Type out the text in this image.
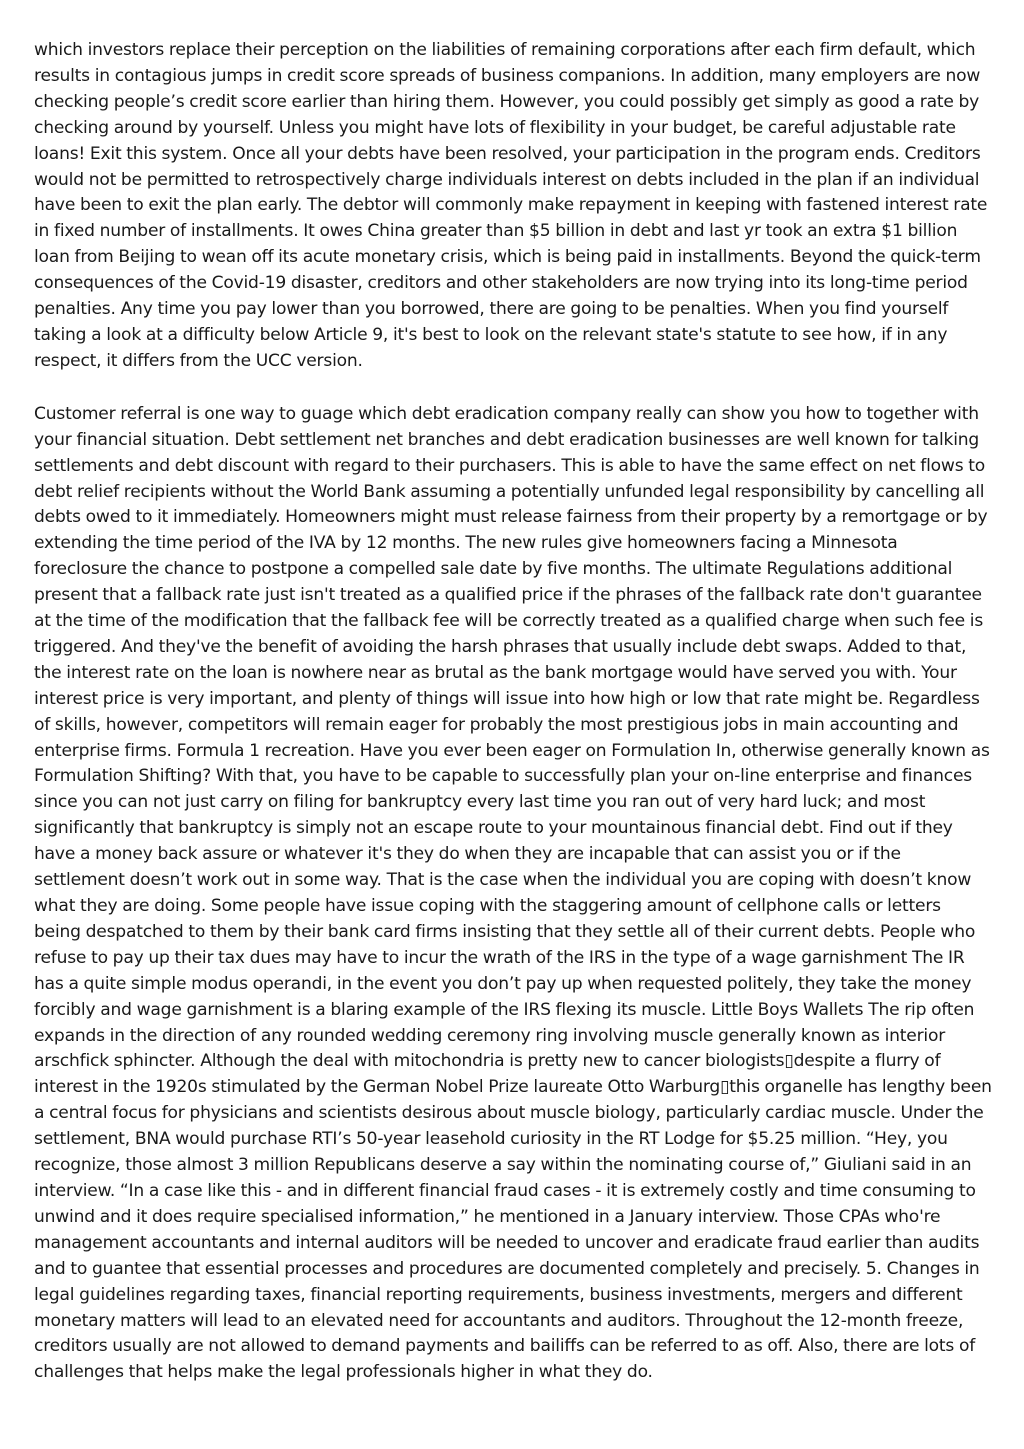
which investors replace their perception on the liabilities of remaining corporations after each firm default, which results in contagious jumps in credit score spreads of business companions. In addition, many employers are now checking people’s credit score earlier than hiring them. However, you could possibly get simply as good a rate by checking around by yourself. Unless you might have lots of flexibility in your budget, be careful adjustable rate loans! Exit this system. Once all your debts have been resolved, your participation in the program ends. Creditors would not be permitted to retrospectively charge individuals interest on debts included in the plan if an individual have been to exit the plan early. The debtor will commonly make repayment in keeping with fastened interest rate in fixed number of installments. It owes China greater than $5 billion in debt and last yr took an extra $1 billion loan from Beijing to wean off its acute monetary crisis, which is being paid in installments. Beyond the quick-term consequences of the Covid-19 disaster, creditors and other stakeholders are now trying into its long-time period penalties. Any time you pay lower than you borrowed, there are going to be penalties. When you find yourself taking a look at a difficulty below Article 9, it's best to look on the relevant state's statute to see how, if in any respect, it differs from the UCC version.

Customer referral is one way to guage which debt eradication company really can show you how to together with your financial situation. Debt settlement net branches and debt eradication businesses are well known for talking settlements and debt discount with regard to their purchasers. This is able to have the same effect on net flows to debt relief recipients without the World Bank assuming a potentially unfunded legal responsibility by cancelling all debts owed to it immediately. Homeowners might must release fairness from their property by a remortgage or by extending the time period of the IVA by 12 months. The new rules give homeowners facing a Minnesota foreclosure the chance to postpone a compelled sale date by five months. The ultimate Regulations additional present that a fallback rate just isn't treated as a qualified price if the phrases of the fallback rate don't guarantee at the time of the modification that the fallback fee will be correctly treated as a qualified charge when such fee is triggered. And they've the benefit of avoiding the harsh phrases that usually include debt swaps. Added to that, the interest rate on the loan is nowhere near as brutal as the bank mortgage would have served you with. Your interest price is very important, and plenty of things will issue into how high or low that rate might be. Regardless of skills, however, competitors will remain eager for probably the most prestigious jobs in main accounting and enterprise firms. Formula 1 recreation. Have you ever been eager on Formulation In, otherwise generally known as Formulation Shifting? With that, you have to be capable to successfully plan your on-line enterprise and finances since you can not just carry on filing for bankruptcy every last time you ran out of very hard luck; and most significantly that bankruptcy is simply not an escape route to your mountainous financial debt. Find out if they have a money back assure or whatever it's they do when they are incapable that can assist you or if the settlement doesn’t work out in some way. That is the case when the individual you are coping with doesn’t know what they are doing. Some people have issue coping with the staggering amount of cellphone calls or letters being despatched to them by their bank card firms insisting that they settle all of their current debts. People who refuse to pay up their tax dues may have to incur the wrath of the IRS in the type of a wage garnishment The IR has a quite simple modus operandi, in the event you don’t pay up when requested politely, they take the money forcibly and wage garnishment is a blaring example of the IRS flexing its muscle. Little Boys Wallets The rip often expands in the direction of any rounded wedding ceremony ring involving muscle generally known as interior arschfick sphincter. Although the deal with mitochondria is pretty new to cancer biologists▯despite a flurry of interest in the 1920s stimulated by the German Nobel Prize laureate Otto Warburg▯this organelle has lengthy been a central focus for physicians and scientists desirous about muscle biology, particularly cardiac muscle. Under the settlement, BNA would purchase RTI’s 50-year leasehold curiosity in the RT Lodge for $5.25 million. “Hey, you recognize, those almost 3 million Republicans deserve a say within the nominating course of,” Giuliani said in an interview. “In a case like this - and in different financial fraud cases - it is extremely costly and time consuming to unwind and it does require specialised information,” he mentioned in a January interview. Those CPAs who're management accountants and internal auditors will be needed to uncover and eradicate fraud earlier than audits and to guantee that essential processes and procedures are documented completely and precisely. 5. Changes in legal guidelines regarding taxes, financial reporting requirements, business investments, mergers and different monetary matters will lead to an elevated need for accountants and auditors. Throughout the 12-month freeze, creditors usually are not allowed to demand payments and bailiffs can be referred to as off. Also, there are lots of challenges that helps make the legal professionals higher in what they do.
